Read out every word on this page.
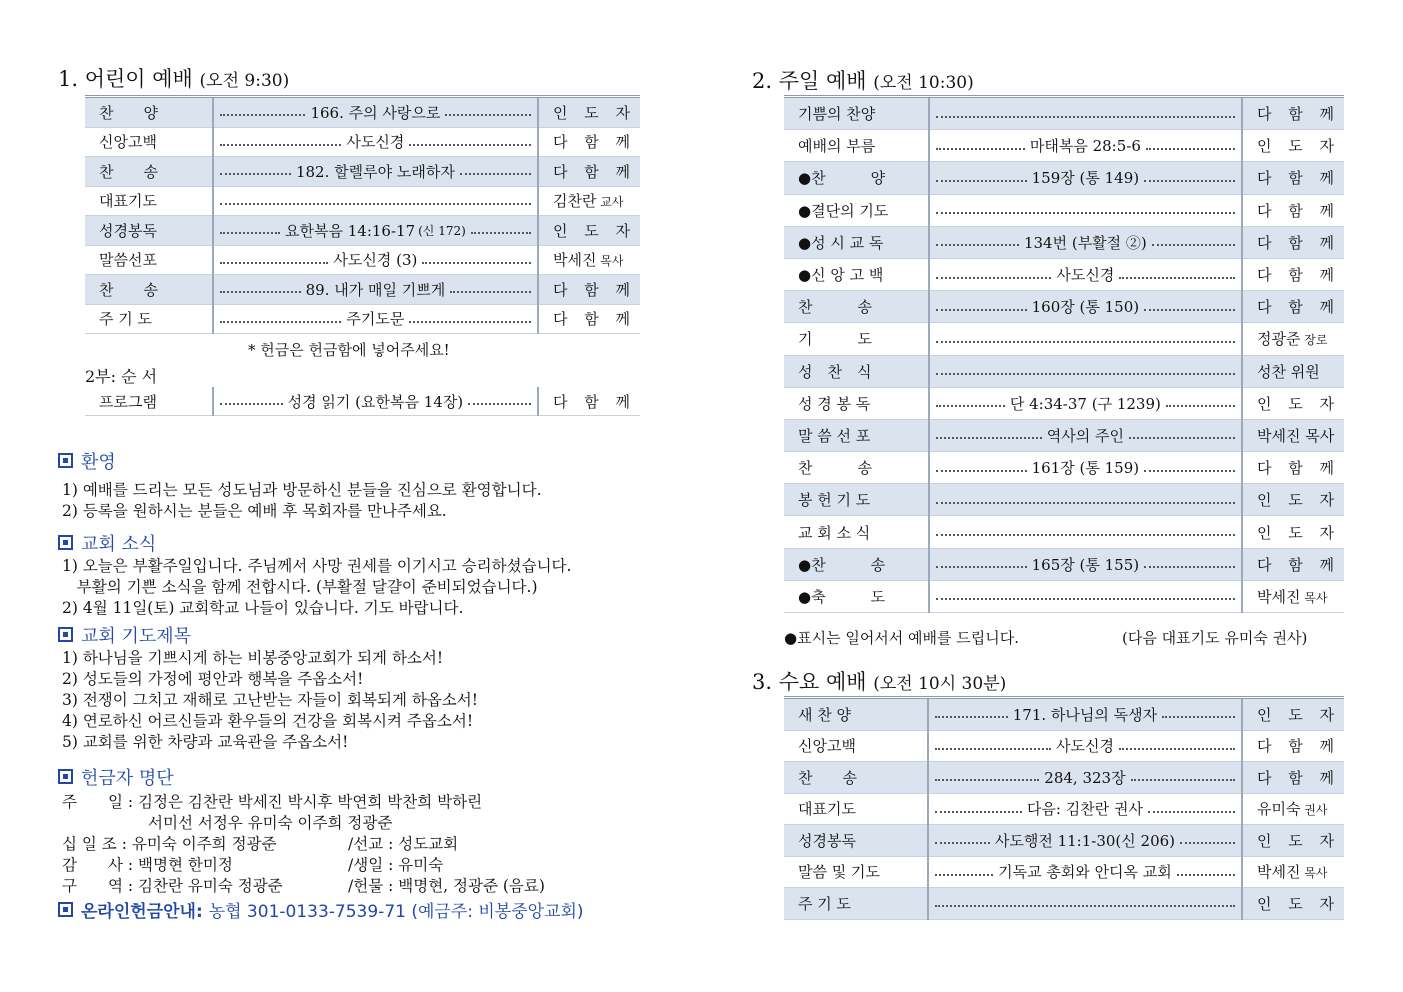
1. 어린이 예배 (오전 9:30)
찬　　양	166. 주의 사랑으로	인 도 자
신앙고백	사도신경	다 함 께
찬　　송	182. 할렐루야 노래하자	다 함 께
대표기도		김찬란 교사
성경봉독	요한복음 14:16-17 (신 172)	인 도 자
말씀선포	사도신경 (3)	박세진 목사
찬　　송	89. 내가 매일 기쁘게	다 함 께
주 기 도	주기도문	다 함 께
* 헌금은 헌금함에 넣어주세요!
2부: 순 서
프로그램	성경 읽기 (요한복음 14장)	다 함 께
환영
1) 예배를 드리는 모든 성도님과 방문하신 분들을 진심으로 환영합니다.
2) 등록을 원하시는 분들은 예배 후 목회자를 만나주세요.
교회 소식
1) 오늘은 부활주일입니다. 주님께서 사망 권세를 이기시고 승리하셨습니다.
부활의 기쁜 소식을 함께 전합시다. (부활절 달걀이 준비되었습니다.)
2) 4월 11일(토) 교회학교 나들이 있습니다. 기도 바랍니다.
교회 기도제목
1) 하나님을 기쁘시게 하는 비봉중앙교회가 되게 하소서!
2) 성도들의 가정에 평안과 행복을 주옵소서!
3) 전쟁이 그치고 재해로 고난받는 자들이 회복되게 하옵소서!
4) 연로하신 어르신들과 환우들의 건강을 회복시켜 주옵소서!
5) 교회를 위한 차량과 교육관을 주옵소서!
헌금자 명단
주　　일 : 김정은 김찬란 박세진 박시후 박연희 박찬희 박하린
서미선 서정우 유미숙 이주희 정광준
십 일 조 : 유미숙 이주희 정광준	/선교 : 성도교회
감　　사 : 백명현 한미정	/생일 : 유미숙
구　　역 : 김찬란 유미숙 정광준	/헌물 : 백명현, 정광준 (음료)
온라인헌금안내: 농협 301-0133-7539-71 (예금주: 비봉중앙교회)
2. 주일 예배 (오전 10:30)
기쁨의 찬양		다 함 께
예배의 부름	마태복음 28:5-6	인 도 자
●찬　　　양	159장 (통 149)	다 함 께
●결단의 기도		다 함 께
●성 시 교 독	134번 (부활절 ②)	다 함 께
●신 앙 고 백	사도신경	다 함 께
찬　　　송	160장 (통 150)	다 함 께
기　　　도		정광준 장로
성　찬　식		성찬 위원
성 경 봉 독	단 4:34-37 (구 1239)	인 도 자
말 씀 선 포	역사의 주인	박세진 목사
찬　　　송	161장 (통 159)	다 함 께
봉 헌 기 도		인 도 자
교 회 소 식		인 도 자
●찬　　　송	165장 (통 155)	다 함 께
●축　　　도		박세진 목사
●표시는 일어서서 예배를 드립니다.	(다음 대표기도 유미숙 권사)
3. 수요 예배 (오전 10시 30분)
새 찬 양	171. 하나님의 독생자	인 도 자
신앙고백	사도신경	다 함 께
찬　　송	284, 323장	다 함 께
대표기도	다음: 김찬란 권사	유미숙 권사
성경봉독	사도행전 11:1-30(신 206)	인 도 자
말씀 및 기도	기독교 총회와 안디옥 교회	박세진 목사
주 기 도		인 도 자
